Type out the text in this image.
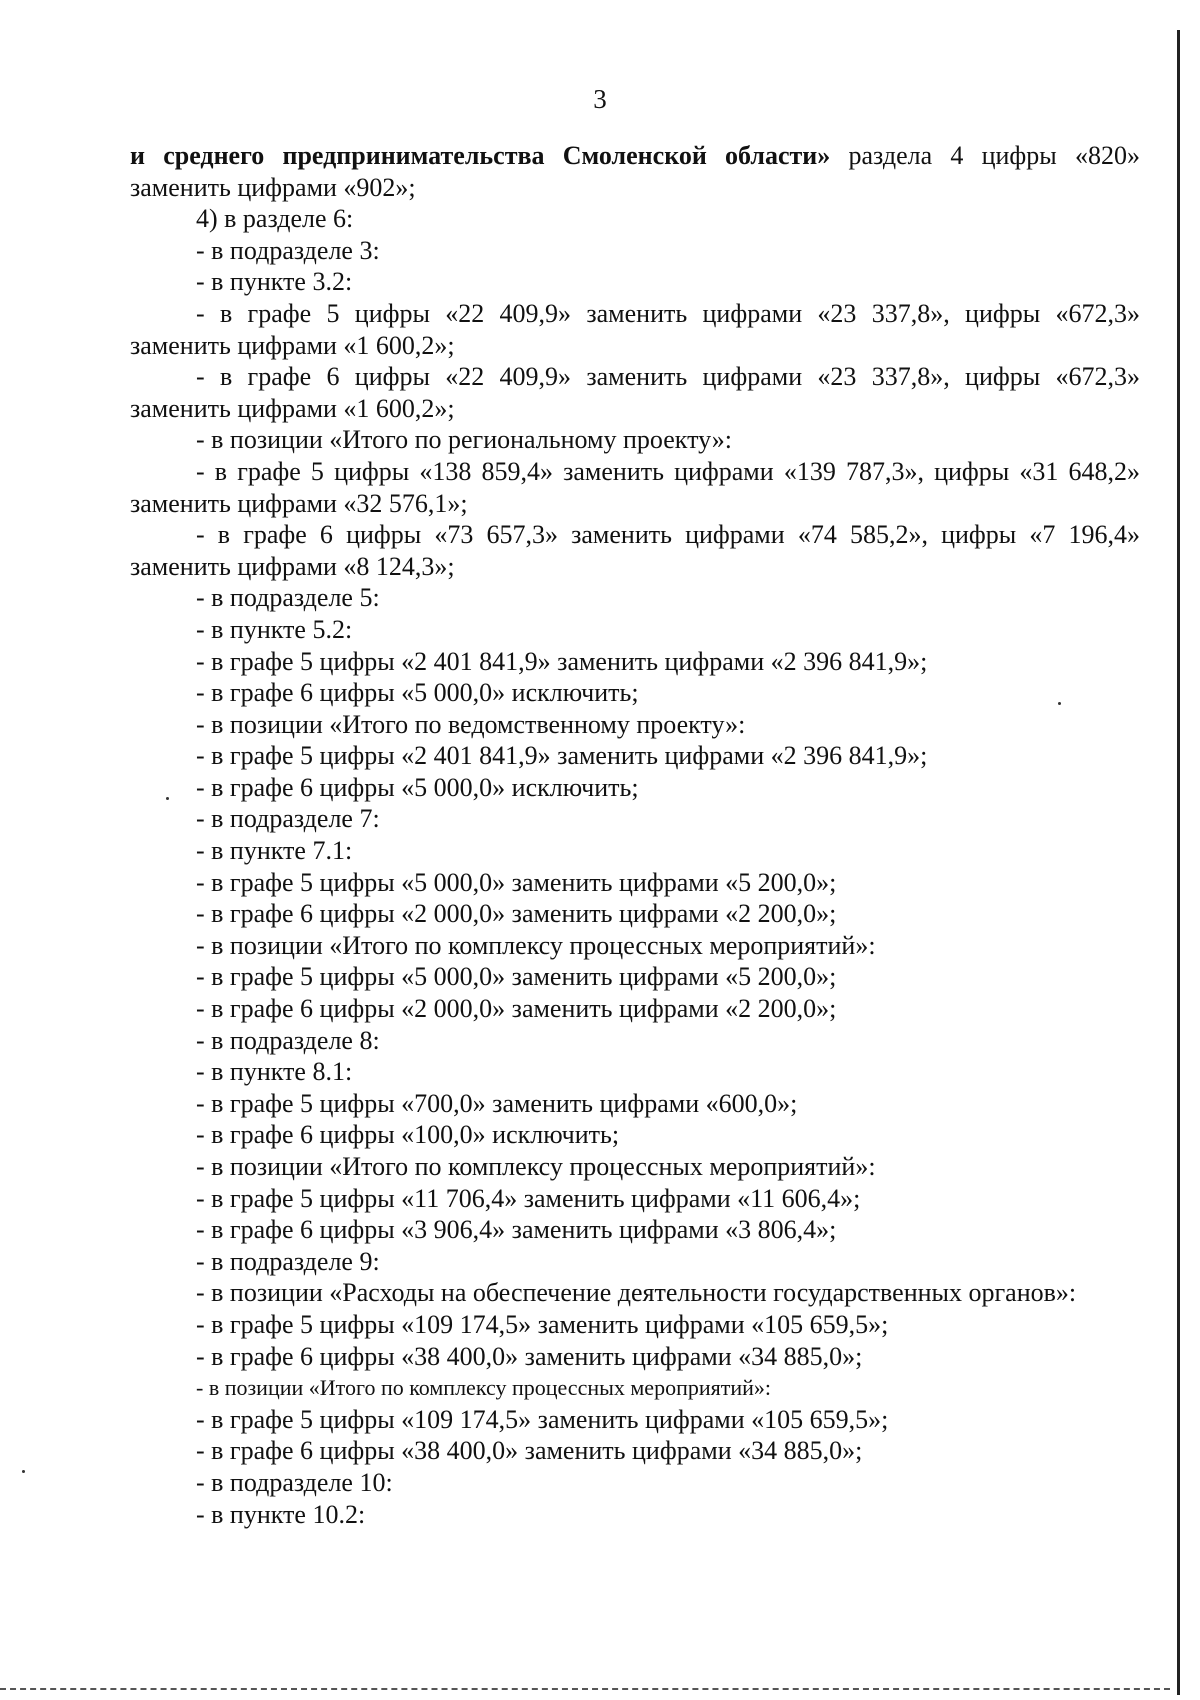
3
и среднего предпринимательства Смоленской области» раздела 4 цифры «820»
заменить цифрами «902»;
4) в разделе 6:
- в подразделе 3:
- в пункте 3.2:
- в графе 5 цифры «22 409,9» заменить цифрами «23 337,8», цифры «672,3»
заменить цифрами «1 600,2»;
- в графе 6 цифры «22 409,9» заменить цифрами «23 337,8», цифры «672,3»
заменить цифрами «1 600,2»;
- в позиции «Итого по региональному проекту»:
- в графе 5 цифры «138 859,4» заменить цифрами «139 787,3», цифры «31 648,2»
заменить цифрами «32 576,1»;
- в графе 6 цифры «73 657,3» заменить цифрами «74 585,2», цифры «7 196,4»
заменить цифрами «8 124,3»;
- в подразделе 5:
- в пункте 5.2:
- в графе 5 цифры «2 401 841,9» заменить цифрами «2 396 841,9»;
- в графе 6 цифры «5 000,0» исключить;
- в позиции «Итого по ведомственному проекту»:
- в графе 5 цифры «2 401 841,9» заменить цифрами «2 396 841,9»;
- в графе 6 цифры «5 000,0» исключить;
- в подразделе 7:
- в пункте 7.1:
- в графе 5 цифры «5 000,0» заменить цифрами «5 200,0»;
- в графе 6 цифры «2 000,0» заменить цифрами «2 200,0»;
- в позиции «Итого по комплексу процессных мероприятий»:
- в графе 5 цифры «5 000,0» заменить цифрами «5 200,0»;
- в графе 6 цифры «2 000,0» заменить цифрами «2 200,0»;
- в подразделе 8:
- в пункте 8.1:
- в графе 5 цифры «700,0» заменить цифрами «600,0»;
- в графе 6 цифры «100,0» исключить;
- в позиции «Итого по комплексу процессных мероприятий»:
- в графе 5 цифры «11 706,4» заменить цифрами «11 606,4»;
- в графе 6 цифры «3 906,4» заменить цифрами «3 806,4»;
- в подразделе 9:
- в позиции «Расходы на обеспечение деятельности государственных органов»:
- в графе 5 цифры «109 174,5» заменить цифрами «105 659,5»;
- в графе 6 цифры «38 400,0» заменить цифрами «34 885,0»;
- в позиции «Итого по комплексу процессных мероприятий»:
- в графе 5 цифры «109 174,5» заменить цифрами «105 659,5»;
- в графе 6 цифры «38 400,0» заменить цифрами «34 885,0»;
- в подразделе 10:
- в пункте 10.2:
